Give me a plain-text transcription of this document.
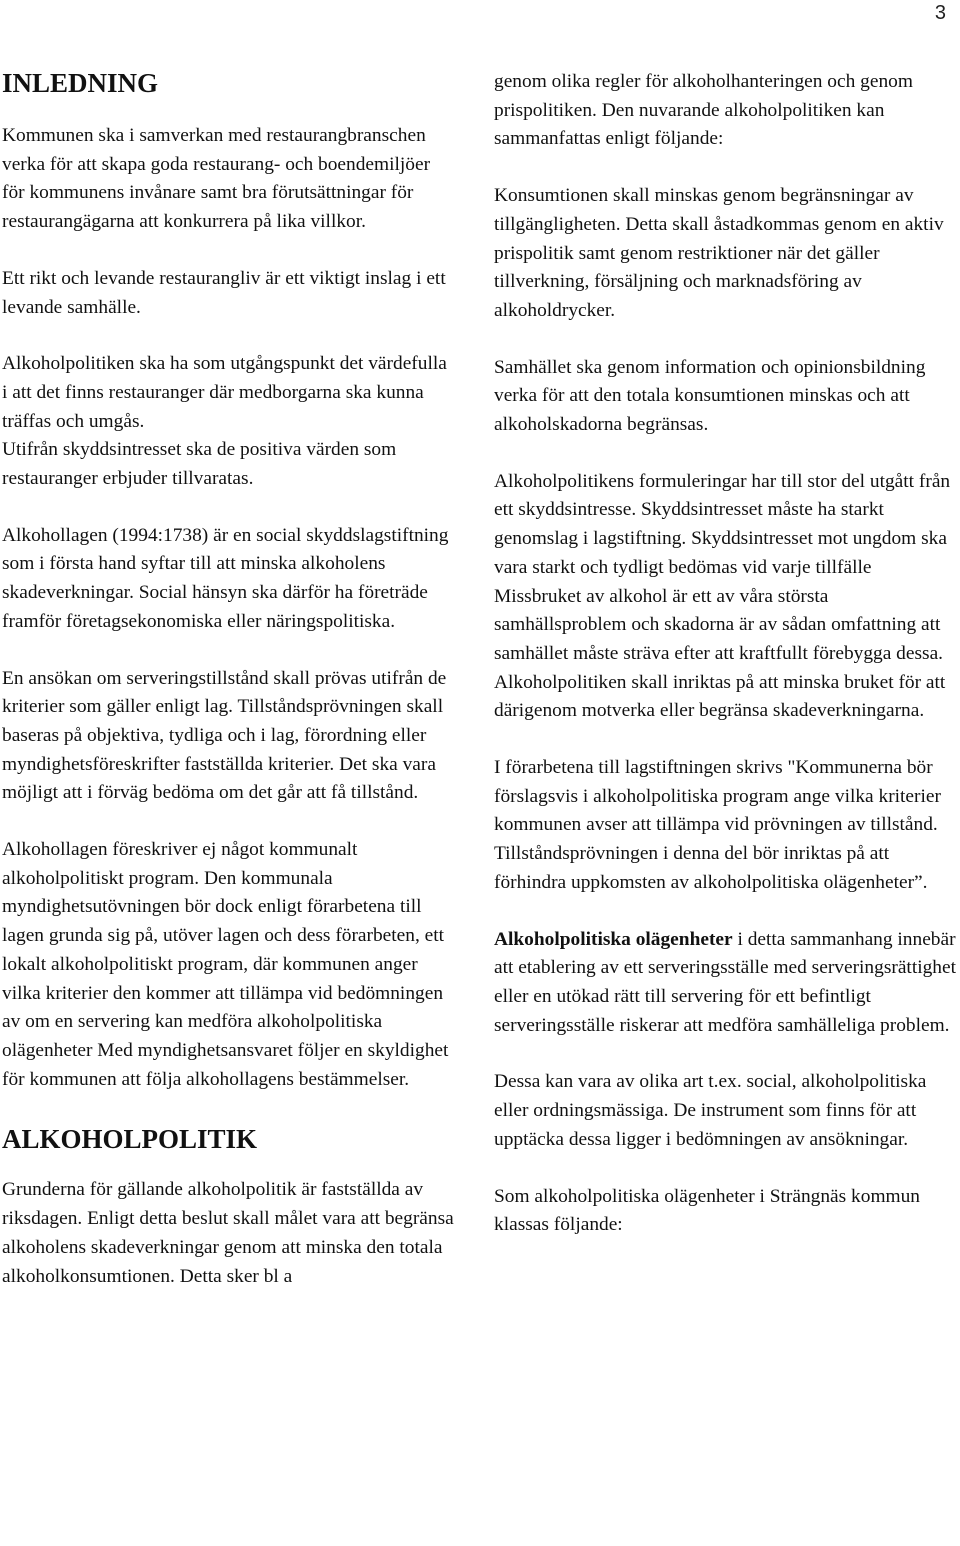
3
INLEDNING

Kommunen ska i samverkan med restaurangbranschen verka för att skapa goda restaurang- och boendemiljöer för kommunens invånare samt bra förutsättningar för restaurangägarna att konkurrera på lika villkor.

Ett rikt och levande restaurangliv är ett viktigt inslag i ett levande samhälle.

Alkoholpolitiken ska ha som utgångspunkt det värdefulla i att det finns restauranger där medborgarna ska kunna träffas och umgås.

Utifrån skyddsintresset ska de positiva värden som restauranger erbjuder tillvaratas.

Alkohollagen (1994:1738) är en social skyddslagstiftning som i första hand syftar till att minska alkoholens skadeverkningar. Social hänsyn ska därför ha företräde framför företagsekonomiska eller näringspolitiska.

En ansökan om serveringstillstånd skall prövas utifrån de kriterier som gäller enligt lag. Tillståndsprövningen skall baseras på objektiva, tydliga och i lag, förordning eller myndighetsföreskrifter fastställda kriterier. Det ska vara möjligt att i förväg bedöma om det går att få tillstånd.

Alkohollagen föreskriver ej något kommunalt alkoholpolitiskt program. Den kommunala myndighetsutövningen bör dock enligt förarbetena till lagen grunda sig på, utöver lagen och dess förarbeten, ett lokalt alkoholpolitiskt program, där kommunen anger vilka kriterier den kommer att tillämpa vid bedömningen av om en servering kan medföra alkoholpolitiska olägenheter Med myndighetsansvaret följer en skyldighet för kommunen att följa alkohollagens bestämmelser.

ALKOHOLPOLITIK

Grunderna för gällande alkoholpolitik är fastställda av riksdagen. Enligt detta beslut skall målet vara att begränsa alkoholens skadeverkningar genom att minska den totala alkoholkonsumtionen. Detta sker bl a

genom olika regler för alkoholhanteringen och genom prispolitiken. Den nuvarande alkoholpolitiken kan sammanfattas enligt följande:

Konsumtionen skall minskas genom begränsningar av tillgängligheten. Detta skall åstadkommas genom en aktiv prispolitik samt genom restriktioner när det gäller tillverkning, försäljning och marknadsföring av alkoholdrycker.

Samhället ska genom information och opinionsbildning verka för att den totala konsumtionen minskas och att alkoholskadorna begränsas.

Alkoholpolitikens formuleringar har till stor del utgått från ett skyddsintresse. Skyddsintresset måste ha starkt genomslag i lagstiftning. Skyddsintresset mot ungdom ska vara starkt och tydligt bedömas vid varje tillfälle Missbruket av alkohol är ett av våra största samhällsproblem och skadorna är av sådan omfattning att samhället måste sträva efter att kraftfullt förebygga dessa. Alkoholpolitiken skall inriktas på att minska bruket för att därigenom motverka eller begränsa skadeverkningarna.

I förarbetena till lagstiftningen skrivs "Kommunerna bör förslagsvis i alkoholpolitiska program ange vilka kriterier kommunen avser att tillämpa vid prövningen av tillstånd. Tillståndsprövningen i denna del bör inriktas på att förhindra uppkomsten av alkoholpolitiska olägenheter”.

Alkoholpolitiska olägenheter i detta sammanhang innebär att etablering av ett serveringsställe med serveringsrättighet eller en utökad rätt till servering för ett befintligt serveringsställe riskerar att medföra samhälleliga problem.

Dessa kan vara av olika art t.ex. social, alkoholpolitiska eller ordningsmässiga. De instrument som finns för att upptäcka dessa ligger i bedömningen av ansökningar.

Som alkoholpolitiska olägenheter i Strängnäs kommun klassas följande:
